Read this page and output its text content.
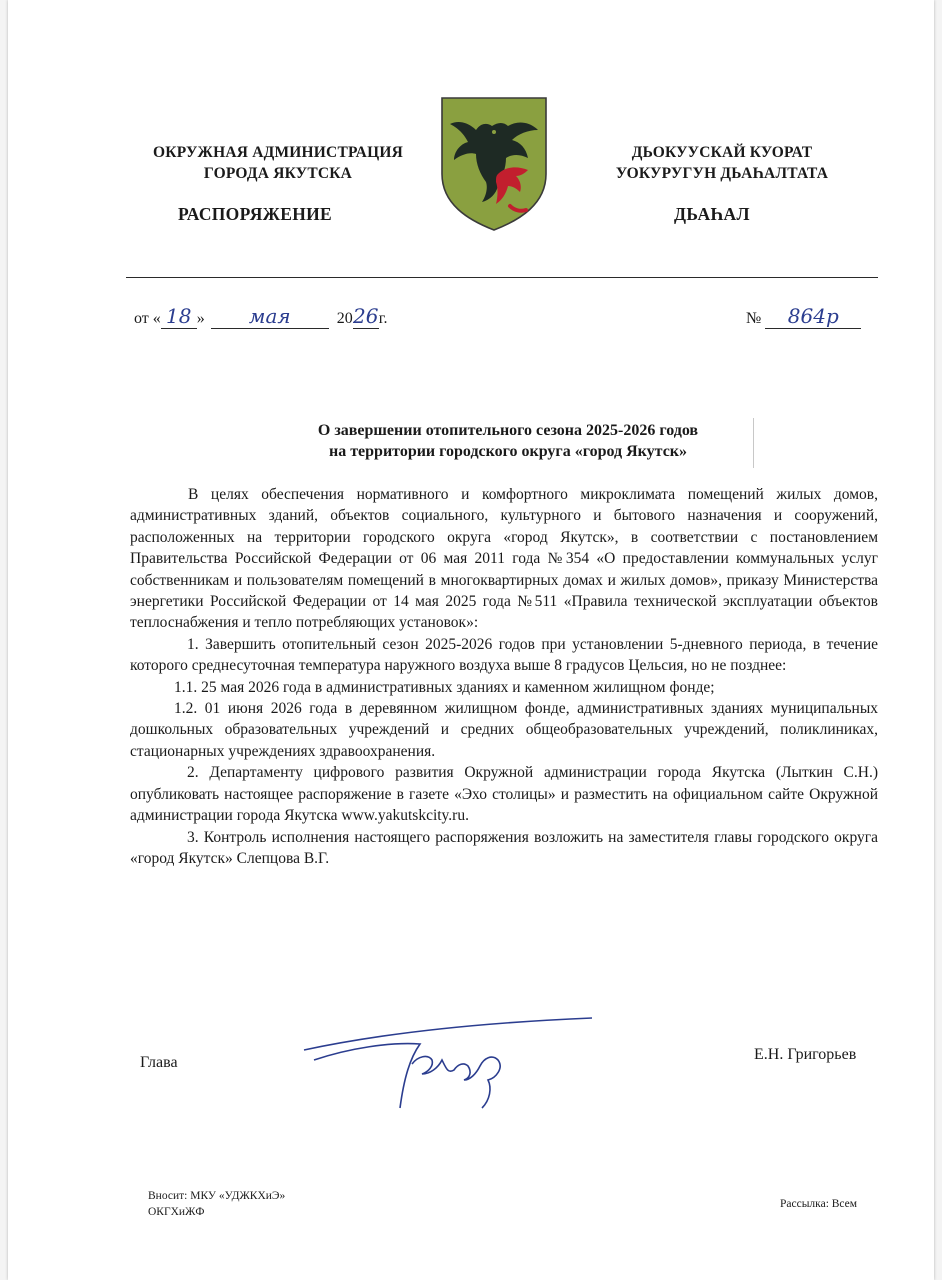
ОКРУЖНАЯ АДМИНИСТРАЦИЯ
ГОРОДА ЯКУТСКА
РАСПОРЯЖЕНИЕ
ДЬОКУУСКАЙ КУОРАТ
УОКУРУГУН ДЬАҺАЛТАТА
ДЬАҺАЛ
от « 18 » мая	2026г.	№ 864р
О завершении отопительного сезона 2025-2026 годов
на территории городского округа «город Якутск»

В целях обеспечения нормативного и комфортного микроклимата помещений жилых домов, административных зданий, объектов социального, культурного и бытового назначения и сооружений, расположенных на территории городского округа «город Якутск», в соответствии с постановлением Правительства Российской Федерации от 06 мая 2011 года №354 «О предоставлении коммунальных услуг собственникам и пользователям помещений в многоквартирных домах и жилых домов», приказу Министерства энергетики Российской Федерации от 14 мая 2025 года №511 «Правила технической эксплуатации объектов теплоснабжения и тепло потребляющих установок»:

1. Завершить отопительный сезон 2025-2026 годов при установлении 5-дневного периода, в течение которого среднесуточная температура наружного воздуха выше 8 градусов Цельсия, но не позднее:

1.1. 25 мая 2026 года в административных зданиях и каменном жилищном фонде;

1.2. 01 июня 2026 года в деревянном жилищном фонде, административных зданиях муниципальных дошкольных образовательных учреждений и средних общеобразовательных учреждений, поликлиниках, стационарных учреждениях здравоохранения.

2. Департаменту цифрового развития Окружной администрации города Якутска (Лыткин С.Н.) опубликовать настоящее распоряжение в газете «Эхо столицы» и разместить на официальном сайте Окружной администрации города Якутска www.yakutskcity.ru.

3. Контроль исполнения настоящего распоряжения возложить на заместителя главы городского округа «город Якутск» Слепцова В.Г.

Глава	Е.Н. Григорьев
Вносит: МКУ «УДЖКХиЭ»
ОКГХиЖФ
Рассылка: Всем
